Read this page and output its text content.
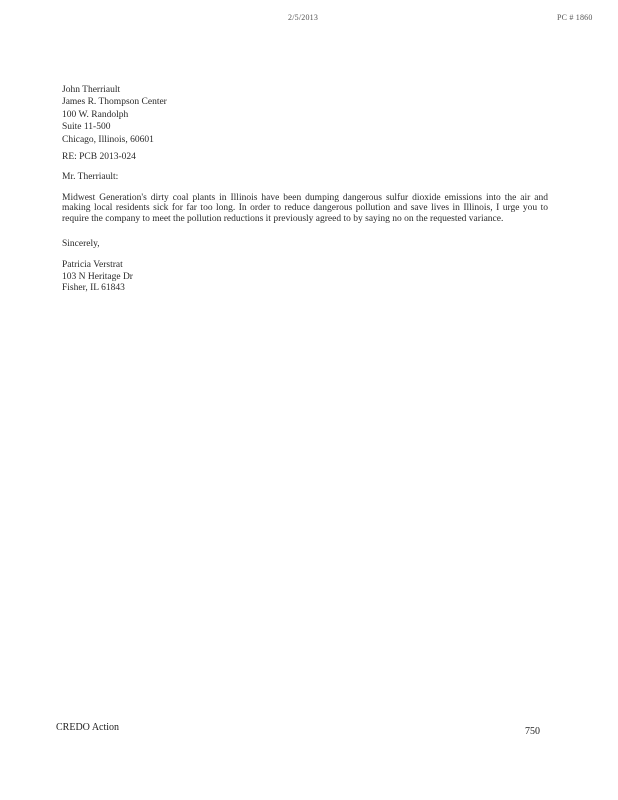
2/5/2013	PC # 1860
John Therriault
James R. Thompson Center
100 W. Randolph
Suite 11-500
Chicago, Illinois, 60601
RE: PCB 2013-024
Mr. Therriault:
Midwest Generation's dirty coal plants in Illinois have been dumping dangerous sulfur dioxide emissions into the air and making local residents sick for far too long. In order to reduce dangerous pollution and save lives in Illinois, I urge you to require the company to meet the pollution reductions it previously agreed to by saying no on the requested variance.
Sincerely,
Patricia Verstrat
103 N Heritage Dr
Fisher, IL 61843
CREDO Action	750
